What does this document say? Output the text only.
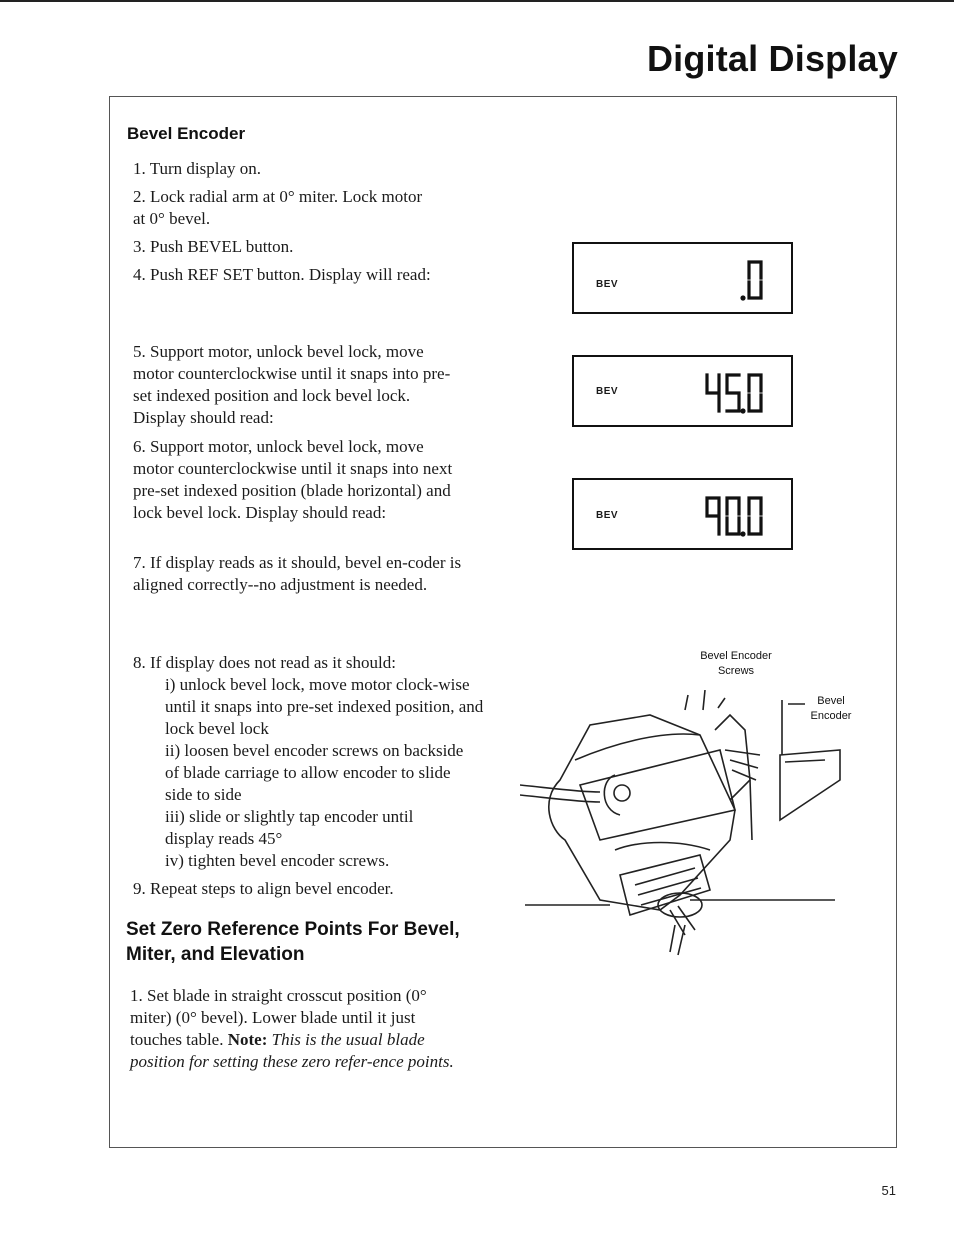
Digital Display
Bevel Encoder

1. Turn display on.

2. Lock radial arm at 0° miter. Lock motor at 0° bevel.

3. Push BEVEL button.

4. Push REF SET button. Display will read:

5. Support motor, unlock bevel lock, move motor counterclockwise until it snaps into pre-set indexed position and lock bevel lock. Display should read:

6. Support motor, unlock bevel lock, move motor counterclockwise until it snaps into next pre-set indexed position (blade horizontal) and lock bevel lock. Display should read:

7. If display reads as it should, bevel en-coder is aligned correctly--no adjustment is needed.

8. If display does not read as it should:

i) unlock bevel lock, move motor clock-wise until it snaps into pre-set indexed position, and lock bevel lock

ii) loosen bevel encoder screws on backside of blade carriage to allow encoder to slide side to side

iii) slide or slightly tap encoder until display reads 45°

iv) tighten bevel encoder screws.

9. Repeat steps to align bevel encoder.

BEV
BEV
BEV
Bevel Encoder Screws
Bevel Encoder
Set Zero Reference Points For Bevel, Miter, and Elevation

1. Set blade in straight crosscut position (0° miter) (0° bevel). Lower blade until it just touches table. Note: This is the usual blade position for setting these zero refer-ence points.

51
